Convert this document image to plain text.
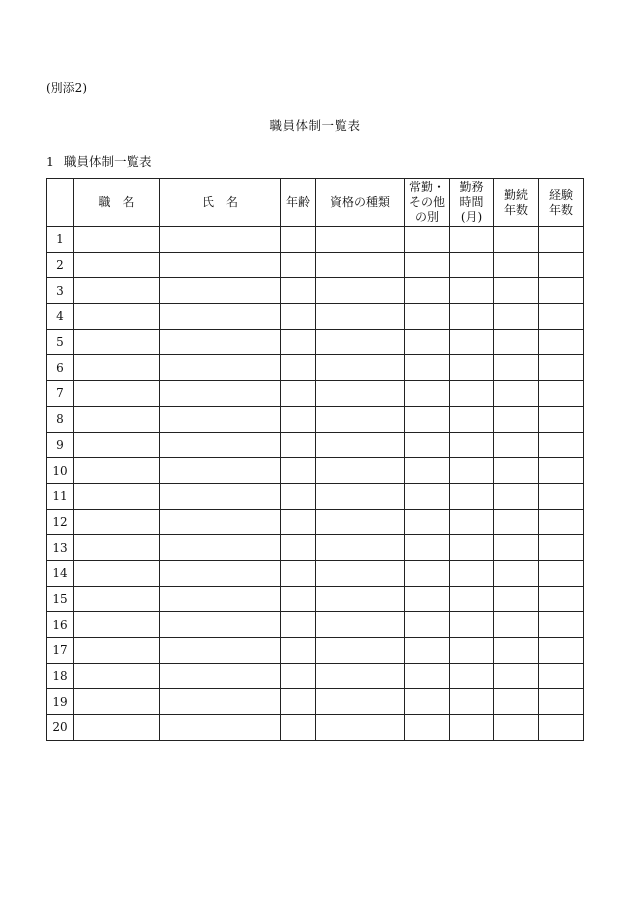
(別添2)
職員体制一覧表
1 職員体制一覧表
	職　名	氏　名	年齢	資格の種類	常勤・
その他
の別	勤務
時間
(月)	勤続
年数	経験
年数

1								
2								
3								
4								
5								
6								
7								
8								
9								
10								
11								
12								
13								
14								
15								
16								
17								
18								
19								
20								
